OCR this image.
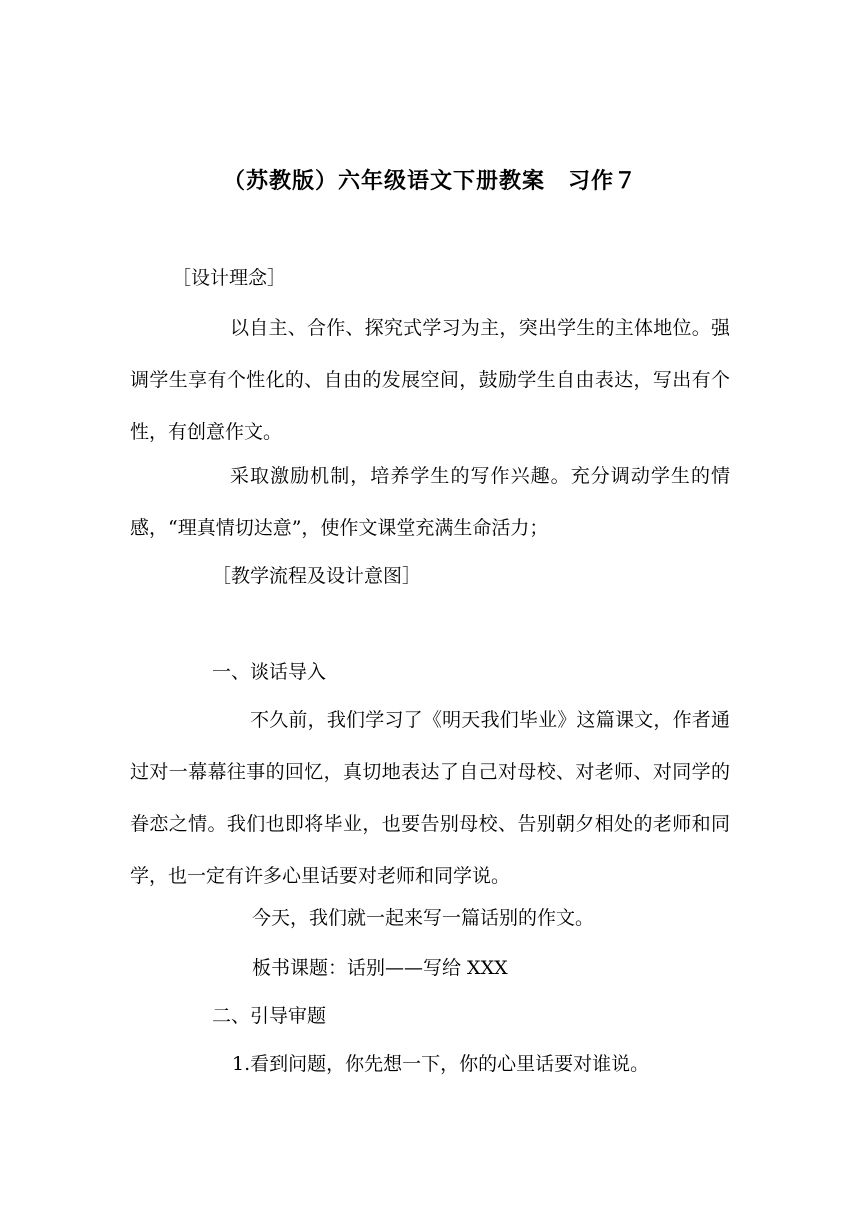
（苏教版）六年级语文下册教案　习作７
［设计理念］
以自主、合作、探究式学习为主，突出学生的主体地位。强调学生享有个性化的、自由的发展空间，鼓励学生自由表达，写出有个性，有创意作文。
采取激励机制，培养学生的写作兴趣。充分调动学生的情感，“理真情切达意”，使作文课堂充满生命活力；
［教学流程及设计意图］
一、谈话导入
不久前，我们学习了《明天我们毕业》这篇课文，作者通过对一幕幕往事的回忆，真切地表达了自己对母校、对老师、对同学的眷恋之情。我们也即将毕业，也要告别母校、告别朝夕相处的老师和同学，也一定有许多心里话要对老师和同学说。
今天，我们就一起来写一篇话别的作文。
板书课题：话别——写给 XXX
二、引导审题
1.看到问题，你先想一下，你的心里话要对谁说。
